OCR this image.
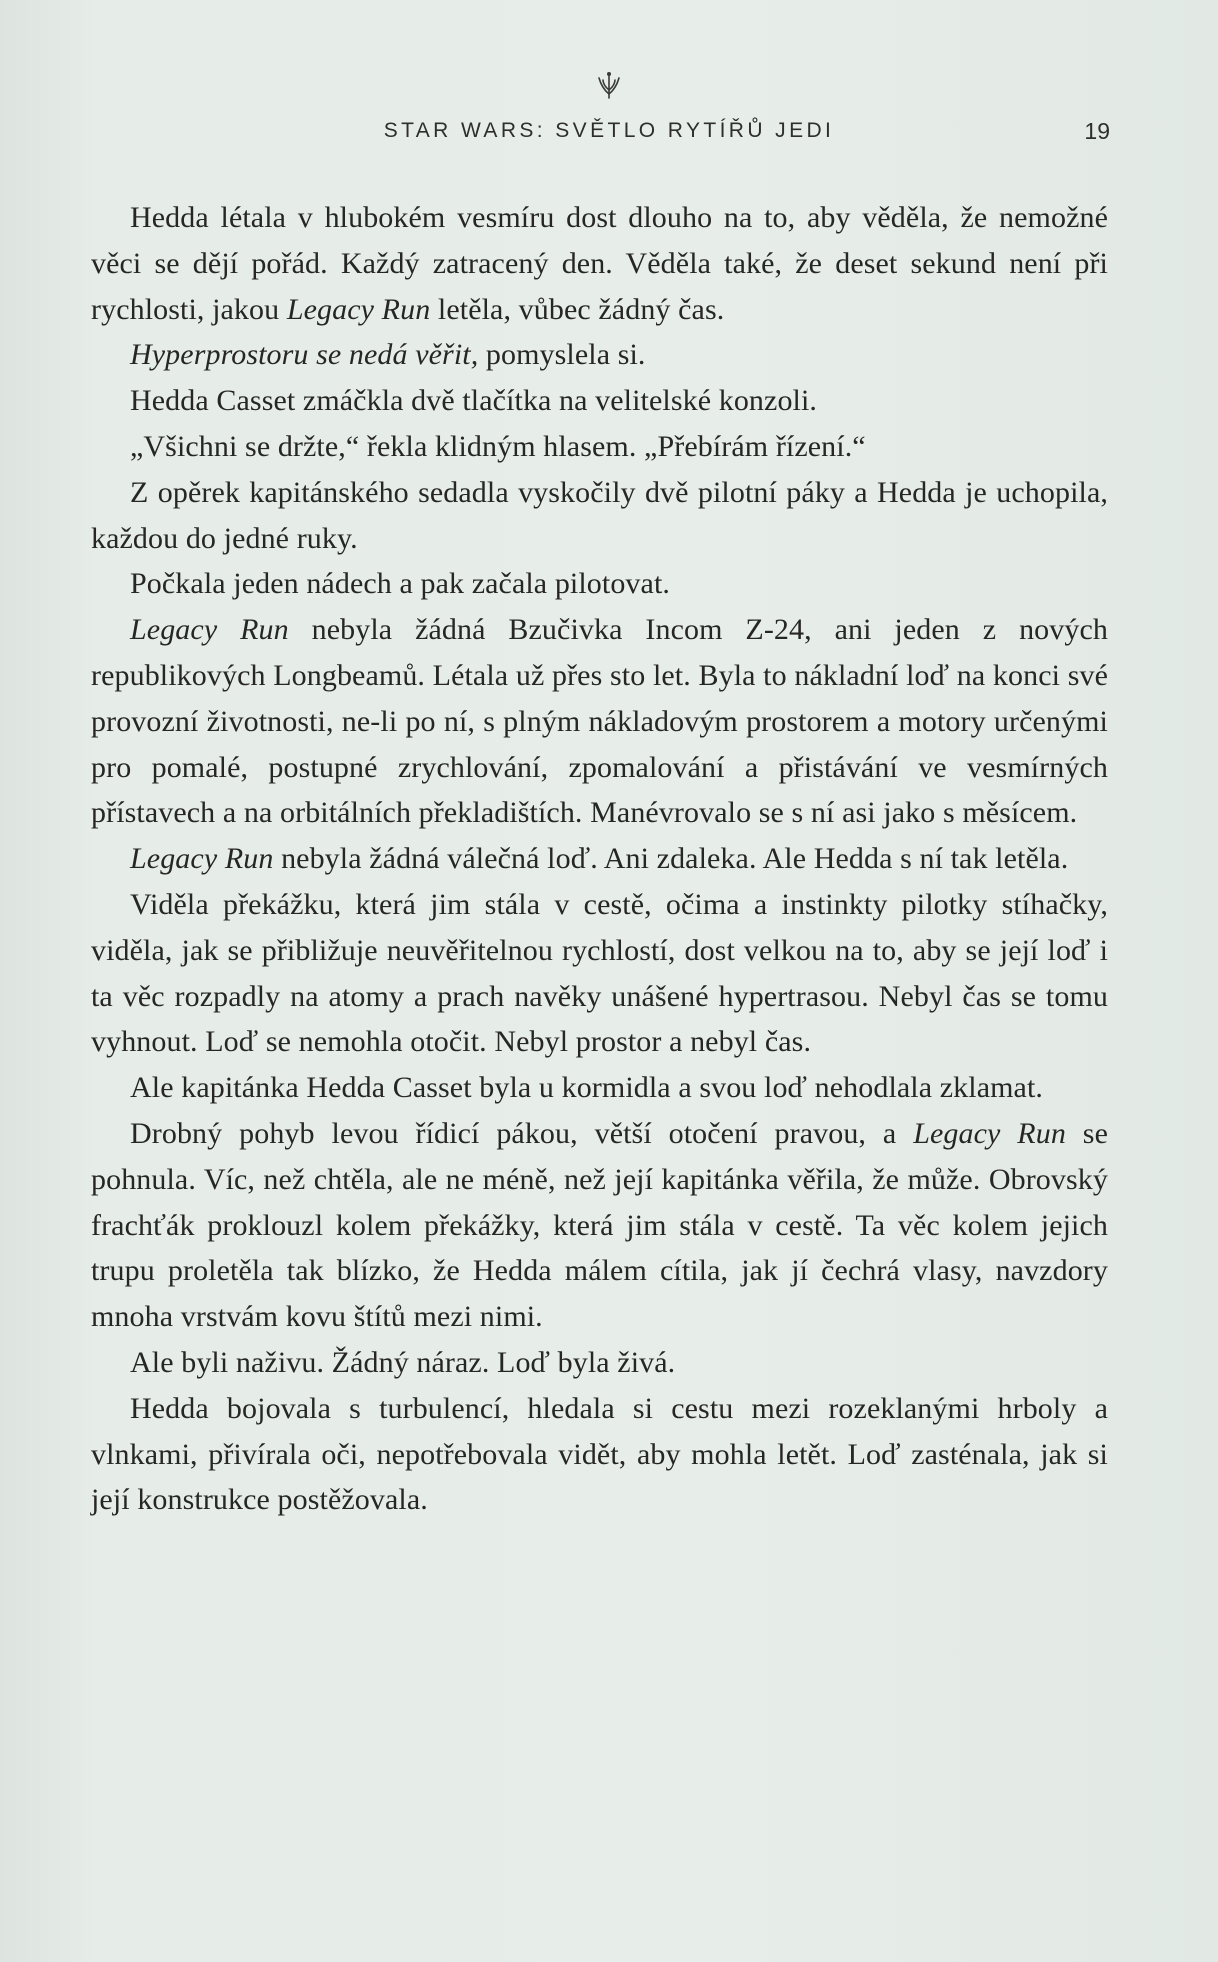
STAR WARS: SVĚTLO RYTÍŘŮ JEDI	19

Hedda létala v hlubokém vesmíru dost dlouho na to, aby věděla, že nemožné věci se dějí pořád. Každý zatracený den. Věděla také, že deset sekund není při rychlosti, jakou Legacy Run letěla, vůbec žádný čas.

Hyperprostoru se nedá věřit, pomyslela si.

Hedda Casset zmáčkla dvě tlačítka na velitelské konzoli.

„Všichni se držte,“ řekla klidným hlasem. „Přebírám řízení.“

Z opěrek kapitánského sedadla vyskočily dvě pilotní páky a Hedda je uchopila, každou do jedné ruky.

Počkala jeden nádech a pak začala pilotovat.

Legacy Run nebyla žádná Bzučivka Incom Z-24, ani jeden z nových republikových Longbeamů. Létala už přes sto let. Byla to nákladní loď na konci své provozní životnosti, ne-li po ní, s plným nákladovým prostorem a motory určenými pro pomalé, postupné zrychlování, zpomalování a přistávání ve vesmírných přístavech a na orbitálních překladištích. Manévrovalo se s ní asi jako s měsícem.

Legacy Run nebyla žádná válečná loď. Ani zdaleka. Ale Hedda s ní tak letěla.

Viděla překážku, která jim stála v cestě, očima a instinkty pilotky stíhačky, viděla, jak se přibližuje neuvěřitelnou rychlostí, dost velkou na to, aby se její loď i ta věc rozpadly na atomy a prach navěky unášené hypertrasou. Nebyl čas se tomu vyhnout. Loď se nemohla otočit. Nebyl prostor a nebyl čas.

Ale kapitánka Hedda Casset byla u kormidla a svou loď nehodlala zklamat.

Drobný pohyb levou řídicí pákou, větší otočení pravou, a Legacy Run se pohnula. Víc, než chtěla, ale ne méně, než její kapitánka věřila, že může. Obrovský frachťák proklouzl kolem překážky, která jim stála v cestě. Ta věc kolem jejich trupu proletěla tak blízko, že Hedda málem cítila, jak jí čechrá vlasy, navzdory mnoha vrstvám kovu štítů mezi nimi.

Ale byli naživu. Žádný náraz. Loď byla živá.

Hedda bojovala s turbulencí, hledala si cestu mezi rozeklanými hrboly a vlnkami, přivírala oči, nepotřebovala vidět, aby mohla letět. Loď zasténala, jak si její konstrukce postěžovala.
